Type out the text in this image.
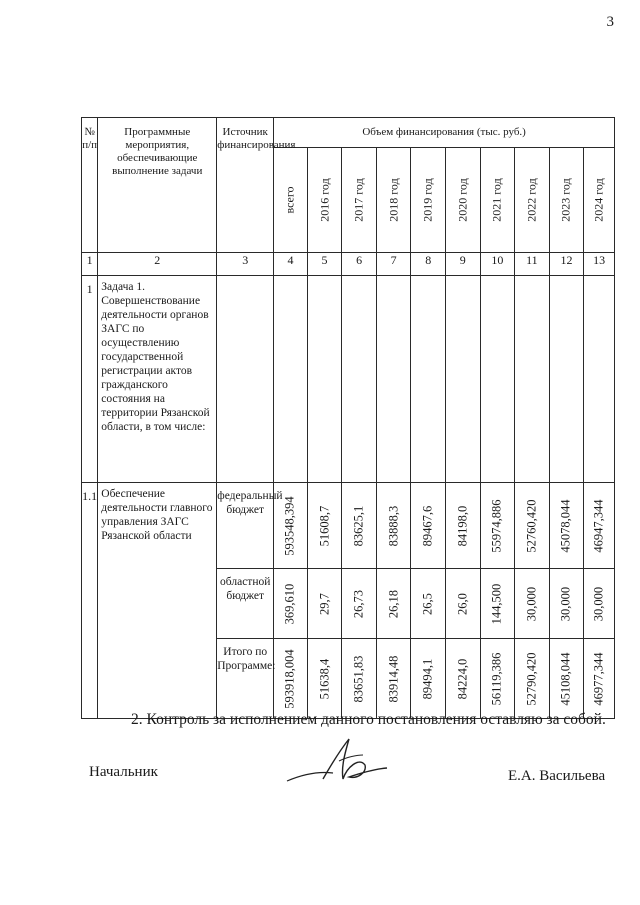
3
№ п/п	Программные мероприятия, обеспечивающие выполнение задачи	Источник финансирования	Объем финансирования (тыс. руб.)									

			всего	2016 год	2017 год	2018 год	2019 год	2020 год	2021 год	2022 год	2023 год	2024 год

1	2	3	4	5	6	7	8	9	10	11	12	13
1	Задача 1. Совершенствование деятельности органов ЗАГС по осуществлению государственной регистрации актов гражданского состояния на территории Рязанской области, в том числе:											
1.1	Обеспечение деятельности главного управления ЗАГС Рязанской области	федеральный бюджет	593548,394	51608,7	83625,1	83888,3	89467,6	84198,0	55974,886	52760,420	45078,044	46947,344

		областной бюджет	369,610	29,7	26,73	26,18	26,5	26,0	144,500	30,000	30,000	30,000

		Итого по Программе:	593918,004	51638,4	83651,83	83914,48	89494,1	84224,0	56119,386	52790,420	45108,044	46977,344
2. Контроль за исполнением данного постановления оставляю за собой.
Начальник	Е.А. Васильева
